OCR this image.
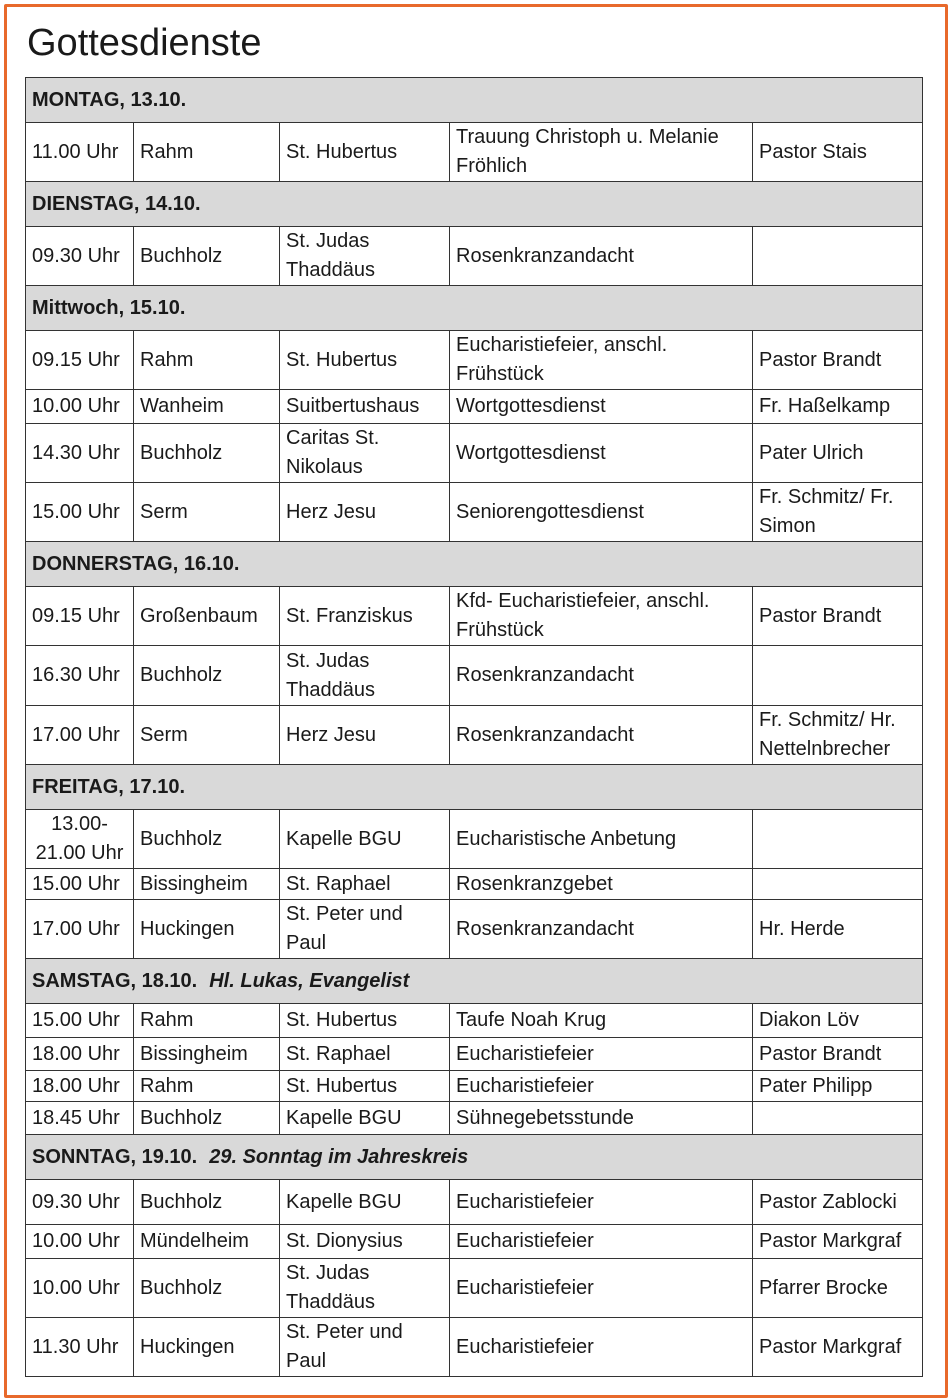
Gottesdienste
MONTAG, 13.10.				
11.00 Uhr	Rahm	St. Hubertus	Trauung Christoph u. Melanie Fröhlich	Pastor Stais
DIENSTAG, 14.10.				
09.30 Uhr	Buchholz	St. Judas Thaddäus	Rosenkranzandacht	
Mittwoch, 15.10.				
09.15 Uhr	Rahm	St. Hubertus	Eucharistiefeier, anschl. Frühstück	Pastor Brandt
10.00 Uhr	Wanheim	Suitbertushaus	Wortgottesdienst	Fr. Haßelkamp
14.30 Uhr	Buchholz	Caritas St. Nikolaus	Wortgottesdienst	Pater Ulrich
15.00 Uhr	Serm	Herz Jesu	Seniorengottesdienst	Fr. Schmitz/ Fr. Simon
DONNERSTAG, 16.10.				
09.15 Uhr	Großenbaum	St. Franziskus	Kfd- Eucharistiefeier, anschl. Frühstück	Pastor Brandt
16.30 Uhr	Buchholz	St. Judas Thaddäus	Rosenkranzandacht	
17.00 Uhr	Serm	Herz Jesu	Rosenkranzandacht	Fr. Schmitz/ Hr. Nettelnbrecher
FREITAG, 17.10.				
13.00- 21.00 Uhr	Buchholz	Kapelle BGU	Eucharistische Anbetung	
15.00 Uhr	Bissingheim	St. Raphael	Rosenkranzgebet	
17.00 Uhr	Huckingen	St. Peter und Paul	Rosenkranzandacht	Hr. Herde
SAMSTAG, 18.10. Hl. Lukas, Evangelist				
15.00 Uhr	Rahm	St. Hubertus	Taufe Noah Krug	Diakon Löv
18.00 Uhr	Bissingheim	St. Raphael	Eucharistiefeier	Pastor Brandt
18.00 Uhr	Rahm	St. Hubertus	Eucharistiefeier	Pater Philipp
18.45 Uhr	Buchholz	Kapelle BGU	Sühnegebetsstunde	
SONNTAG, 19.10. 29. Sonntag im Jahreskreis				
09.30 Uhr	Buchholz	Kapelle BGU	Eucharistiefeier	Pastor Zablocki
10.00 Uhr	Mündelheim	St. Dionysius	Eucharistiefeier	Pastor Markgraf
10.00 Uhr	Buchholz	St. Judas Thaddäus	Eucharistiefeier	Pfarrer Brocke
11.30 Uhr	Huckingen	St. Peter und Paul	Eucharistiefeier	Pastor Markgraf
